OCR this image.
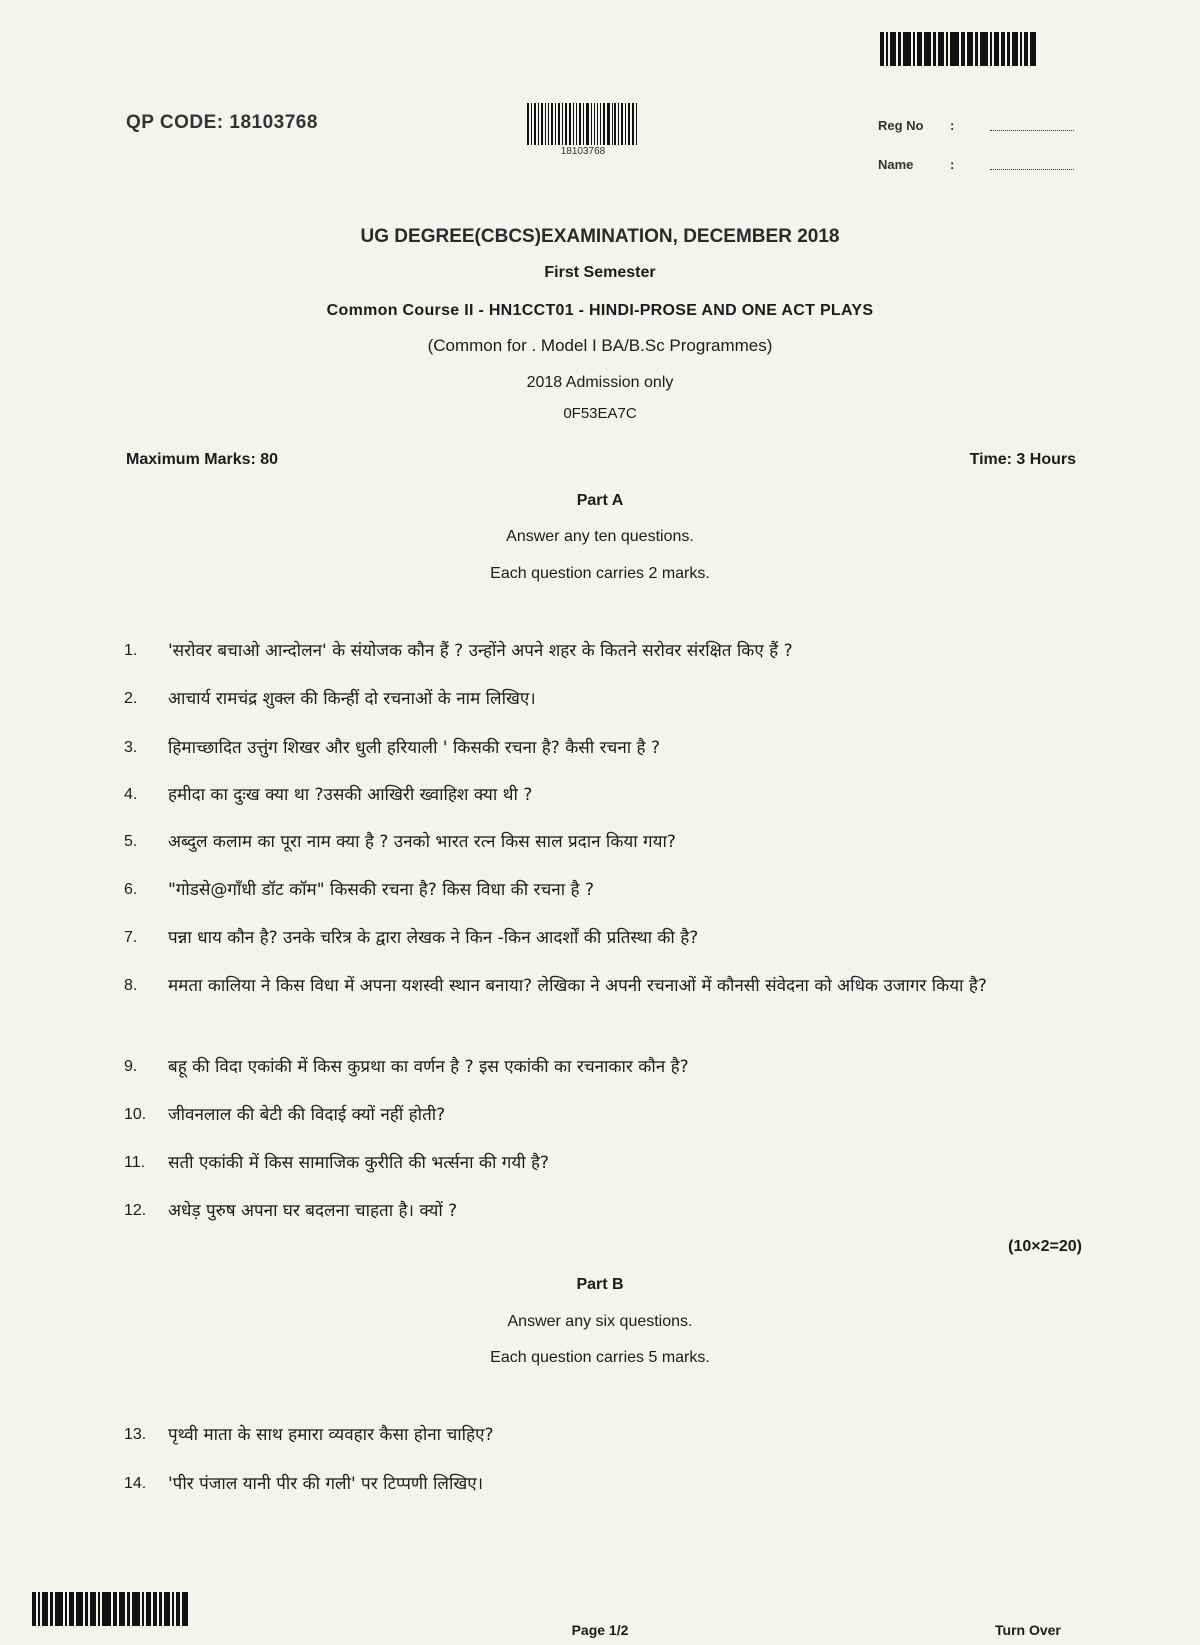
QP CODE: 18103768
18103768
Reg No :
Name	:
UG DEGREE(CBCS)EXAMINATION, DECEMBER 2018
First Semester
Common Course II - HN1CCT01 - HINDI-PROSE AND ONE ACT PLAYS
(Common for . Model I BA/B.Sc Programmes)
2018 Admission only
0F53EA7C
Maximum Marks: 80	Time: 3 Hours
Part A
Answer any ten questions.
Each question carries 2 marks.
1.	'सरोवर बचाओ आन्दोलन' के संयोजक कौन हैं ? उन्होंने अपने शहर के कितने सरोवर संरक्षित किए हैं ?
2.	आचार्य रामचंद्र शुक्ल की किन्हीं दो रचनाओं के नाम लिखिए।
3.	हिमाच्छादित उत्तुंग शिखर और धुली हरियाली ' किसकी रचना है? कैसी रचना है ?
4.	हमीदा का दुःख क्या था ?उसकी आखिरी ख्वाहिश क्या थी ?
5.	अब्दुल कलाम का पूरा नाम क्या है ? उनको भारत रत्न किस साल प्रदान किया गया?
6.	"गोडसे@गाँधी डॉट कॉम" किसकी रचना है? किस विधा की रचना है ?
7.	पन्ना धाय कौन है? उनके चरित्र के द्वारा लेखक ने किन -किन आदर्शों की प्रतिस्था की है?
8.	ममता कालिया ने किस विधा में अपना यशस्वी स्थान बनाया? लेखिका ने अपनी रचनाओं में कौनसी संवेदना को अधिक उजागर किया है?
9.	बहू की विदा एकांकी में किस कुप्रथा का वर्णन है ? इस एकांकी का रचनाकार कौन है?
10.	जीवनलाल की बेटी की विदाई क्यों नहीं होती?
11.	सती एकांकी में किस सामाजिक कुरीति की भर्त्सना की गयी है?
12.	अधेड़ पुरुष अपना घर बदलना चाहता है। क्यों ?
(10×2=20)
Part B
Answer any six questions.
Each question carries 5 marks.
13.	पृथ्वी माता के साथ हमारा व्यवहार कैसा होना चाहिए?
14.	'पीर पंजाल यानी पीर की गली' पर टिप्पणी लिखिए।
Page 1/2	Turn Over
